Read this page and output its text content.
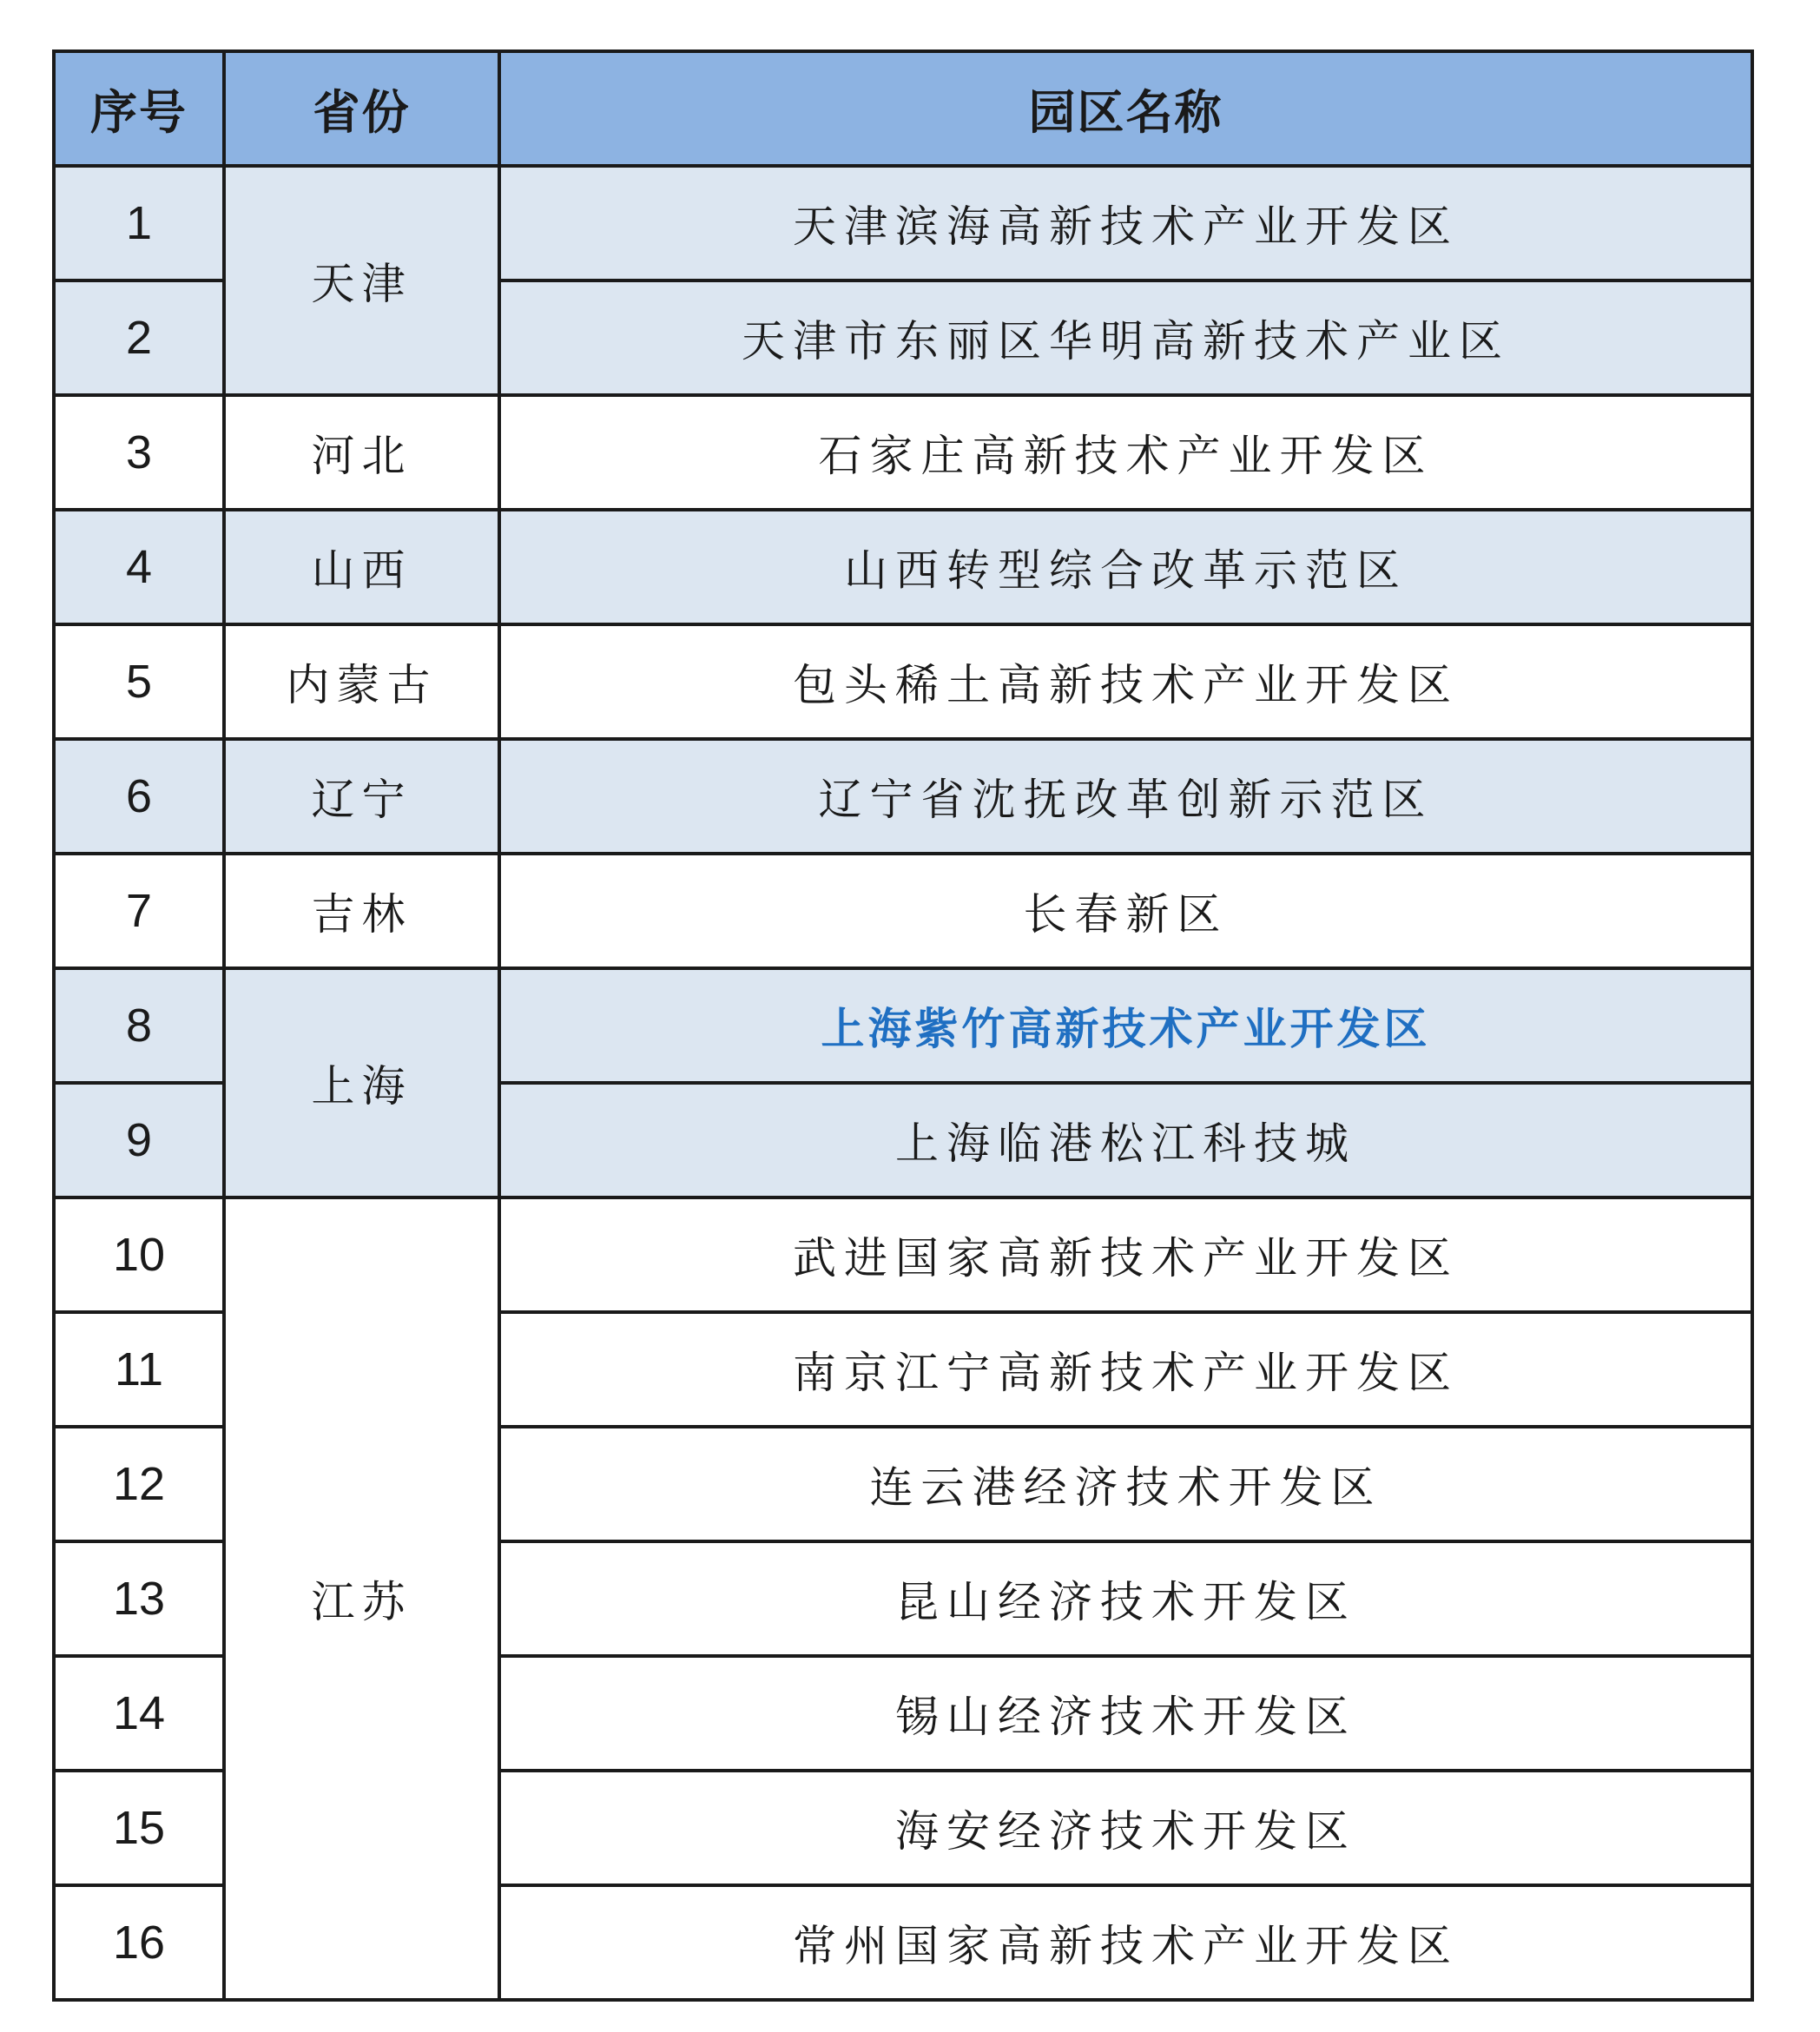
序号	省份	园区名称
1	天津	天津滨海高新技术产业开发区
2		天津市东丽区华明高新技术产业区
3	河北	石家庄高新技术产业开发区
4	山西	山西转型综合改革示范区
5	内蒙古	包头稀土高新技术产业开发区
6	辽宁	辽宁省沈抚改革创新示范区
7	吉林	长春新区
8	上海	上海紫竹高新技术产业开发区
9		上海临港松江科技城
10	江苏	武进国家高新技术产业开发区
11		南京江宁高新技术产业开发区
12		连云港经济技术开发区
13		昆山经济技术开发区
14		锡山经济技术开发区
15		海安经济技术开发区
16		常州国家高新技术产业开发区
